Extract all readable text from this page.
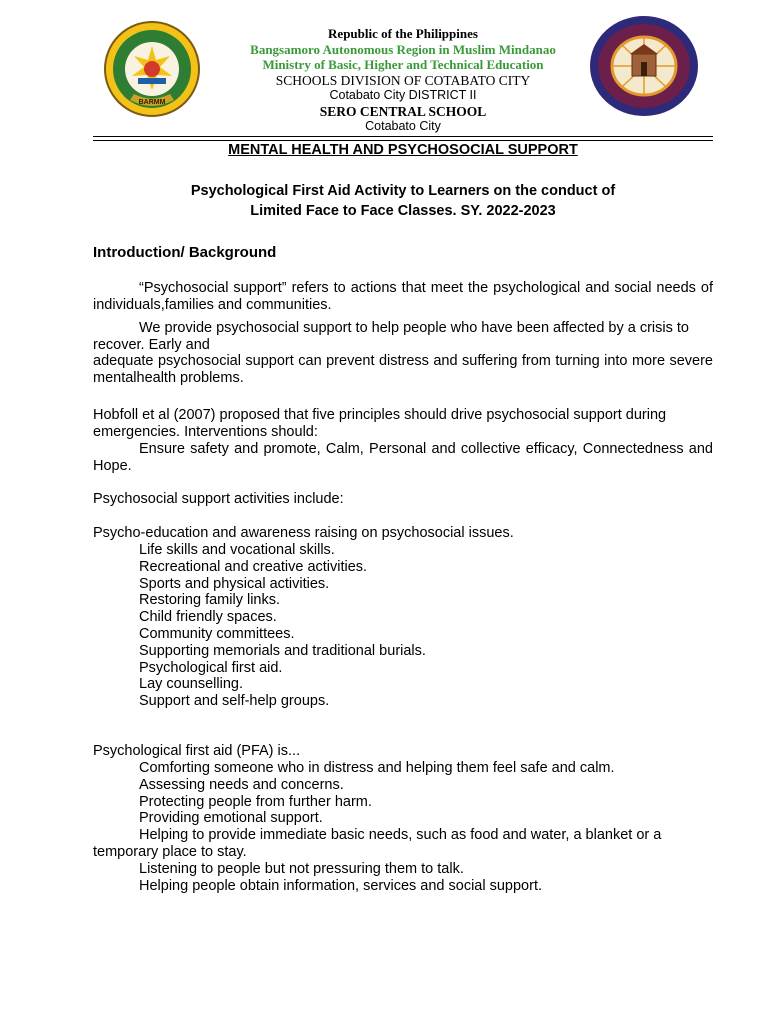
BARMM
Republic of the Philippines
Bangsamoro Autonomous Region in Muslim Mindanao
Ministry of Basic, Higher and Technical Education
SCHOOLS DIVISION OF COTABATO CITY
Cotabato City DISTRICT II
SERO CENTRAL SCHOOL
Cotabato City
MENTAL HEALTH AND PSYCHOSOCIAL SUPPORT
Psychological First Aid Activity to Learners on the conduct of
Limited Face to Face Classes. SY. 2022-2023
Introduction/ Background

“Psychosocial support” refers to actions that meet the psychological and social needs of individuals,families and communities.

We provide psychosocial support to help people who have been affected by a crisis to recover. Early and

adequate psychosocial support can prevent distress and suffering from turning into more severe mentalhealth problems.

Hobfoll et al (2007) proposed that five principles should drive psychosocial support during emergencies. Interventions should:

Ensure safety and promote, Calm, Personal and collective efficacy, Connectedness and Hope.

Psychosocial support activities include:

Psycho-education and awareness raising on psychosocial issues.

Life skills and vocational skills.
Recreational and creative activities.
Sports and physical activities.
Restoring family links.
Child friendly spaces.
Community committees.
Supporting memorials and traditional burials.
Psychological first aid.
Lay counselling.
Support and self-help groups.

Psychological first aid (PFA) is...

Comforting someone who in distress and helping them feel safe and calm.
Assessing needs and concerns.
Protecting people from further harm.
Providing emotional support.

Helping to provide immediate basic needs, such as food and water, a blanket or a temporary place to stay.

Listening to people but not pressuring them to talk.
Helping people obtain information, services and social support.
